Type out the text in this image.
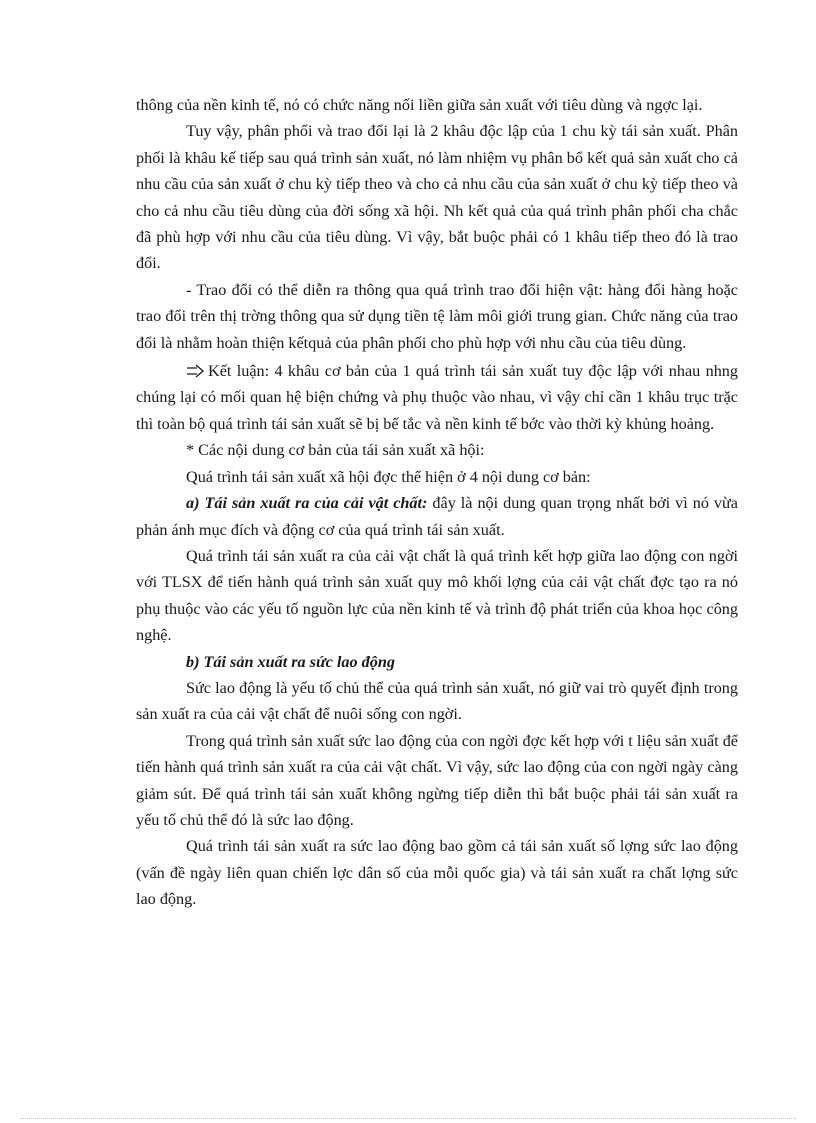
thông của nền kinh tế, nó có chức năng nối liền giữa sản xuất với tiêu dùng và ngợc lại.

Tuy vậy, phân phối và trao đổi lại là 2 khâu độc lập của 1 chu kỳ tái sản xuất. Phân phối là khâu kế tiếp sau quá trình sản xuất, nó làm nhiệm vụ phân bổ kết quả sản xuất cho cả nhu cầu của sản xuất ở chu kỳ tiếp theo và cho cả nhu cầu của sản xuất ở chu kỳ tiếp theo và cho cả nhu cầu tiêu dùng của đời sống xã hội. Nh kết quả của quá trình phân phối cha chắc đã phù hợp với nhu cầu của tiêu dùng. Vì vậy, bắt buộc phải có 1 khâu tiếp theo đó là trao đổi.

- Trao đổi có thể diễn ra thông qua quá trình trao đổi hiện vật: hàng đổi hàng hoặc trao đổi trên thị trờng thông qua sử dụng tiền tệ làm môi giới trung gian. Chức năng của trao đổi là nhằm hoàn thiện kếtquả của phân phối cho phù hợp với nhu cầu của tiêu dùng.

Kết luận: 4 khâu cơ bản của 1 quá trình tái sản xuất tuy độc lập với nhau nhng chúng lại có mối quan hệ biện chứng và phụ thuộc vào nhau, vì vậy chỉ cần 1 khâu trục trặc thì toàn bộ quá trình tái sản xuất sẽ bị bế tắc và nền kinh tế bớc vào thời kỳ khủng hoảng.

* Các nội dung cơ bản của tái sản xuất xã hội:

Quá trình tái sản xuất xã hội đợc thể hiện ở 4 nội dung cơ bản:

a) Tái sản xuất ra của cải vật chất: đây là nội dung quan trọng nhất bởi vì nó vừa phản ánh mục đích và động cơ của quá trình tái sản xuất.

Quá trình tái sản xuất ra của cải vật chất là quá trình kết hợp giữa lao động con ngời với TLSX để tiến hành quá trình sản xuất quy mô khối lợng của cải vật chất đợc tạo ra nó phụ thuộc vào các yếu tố nguồn lực của nền kinh tế và trình độ phát triển của khoa học công nghệ.

b) Tái sản xuất ra sức lao động

Sức lao động là yếu tố chủ thể của quá trình sản xuất, nó giữ vai trò quyết định trong sản xuất ra của cải vật chất để nuôi sống con ngời.

Trong quá trình sản xuất sức lao động của con ngời đợc kết hợp với t liệu sản xuất để tiến hành quá trình sản xuất ra của cải vật chất. Vì vậy, sức lao động của con ngời ngày càng giảm sút. Để quá trình tái sản xuất không ngừng tiếp diễn thì bắt buộc phải tái sản xuất ra yếu tố chủ thể đó là sức lao động.

Quá trình tái sản xuất ra sức lao động bao gồm cả tái sản xuất số lợng sức lao động (vấn đề ngày liên quan chiến lợc dân số của mỗi quốc gia) và tái sản xuất ra chất lợng sức lao động.
